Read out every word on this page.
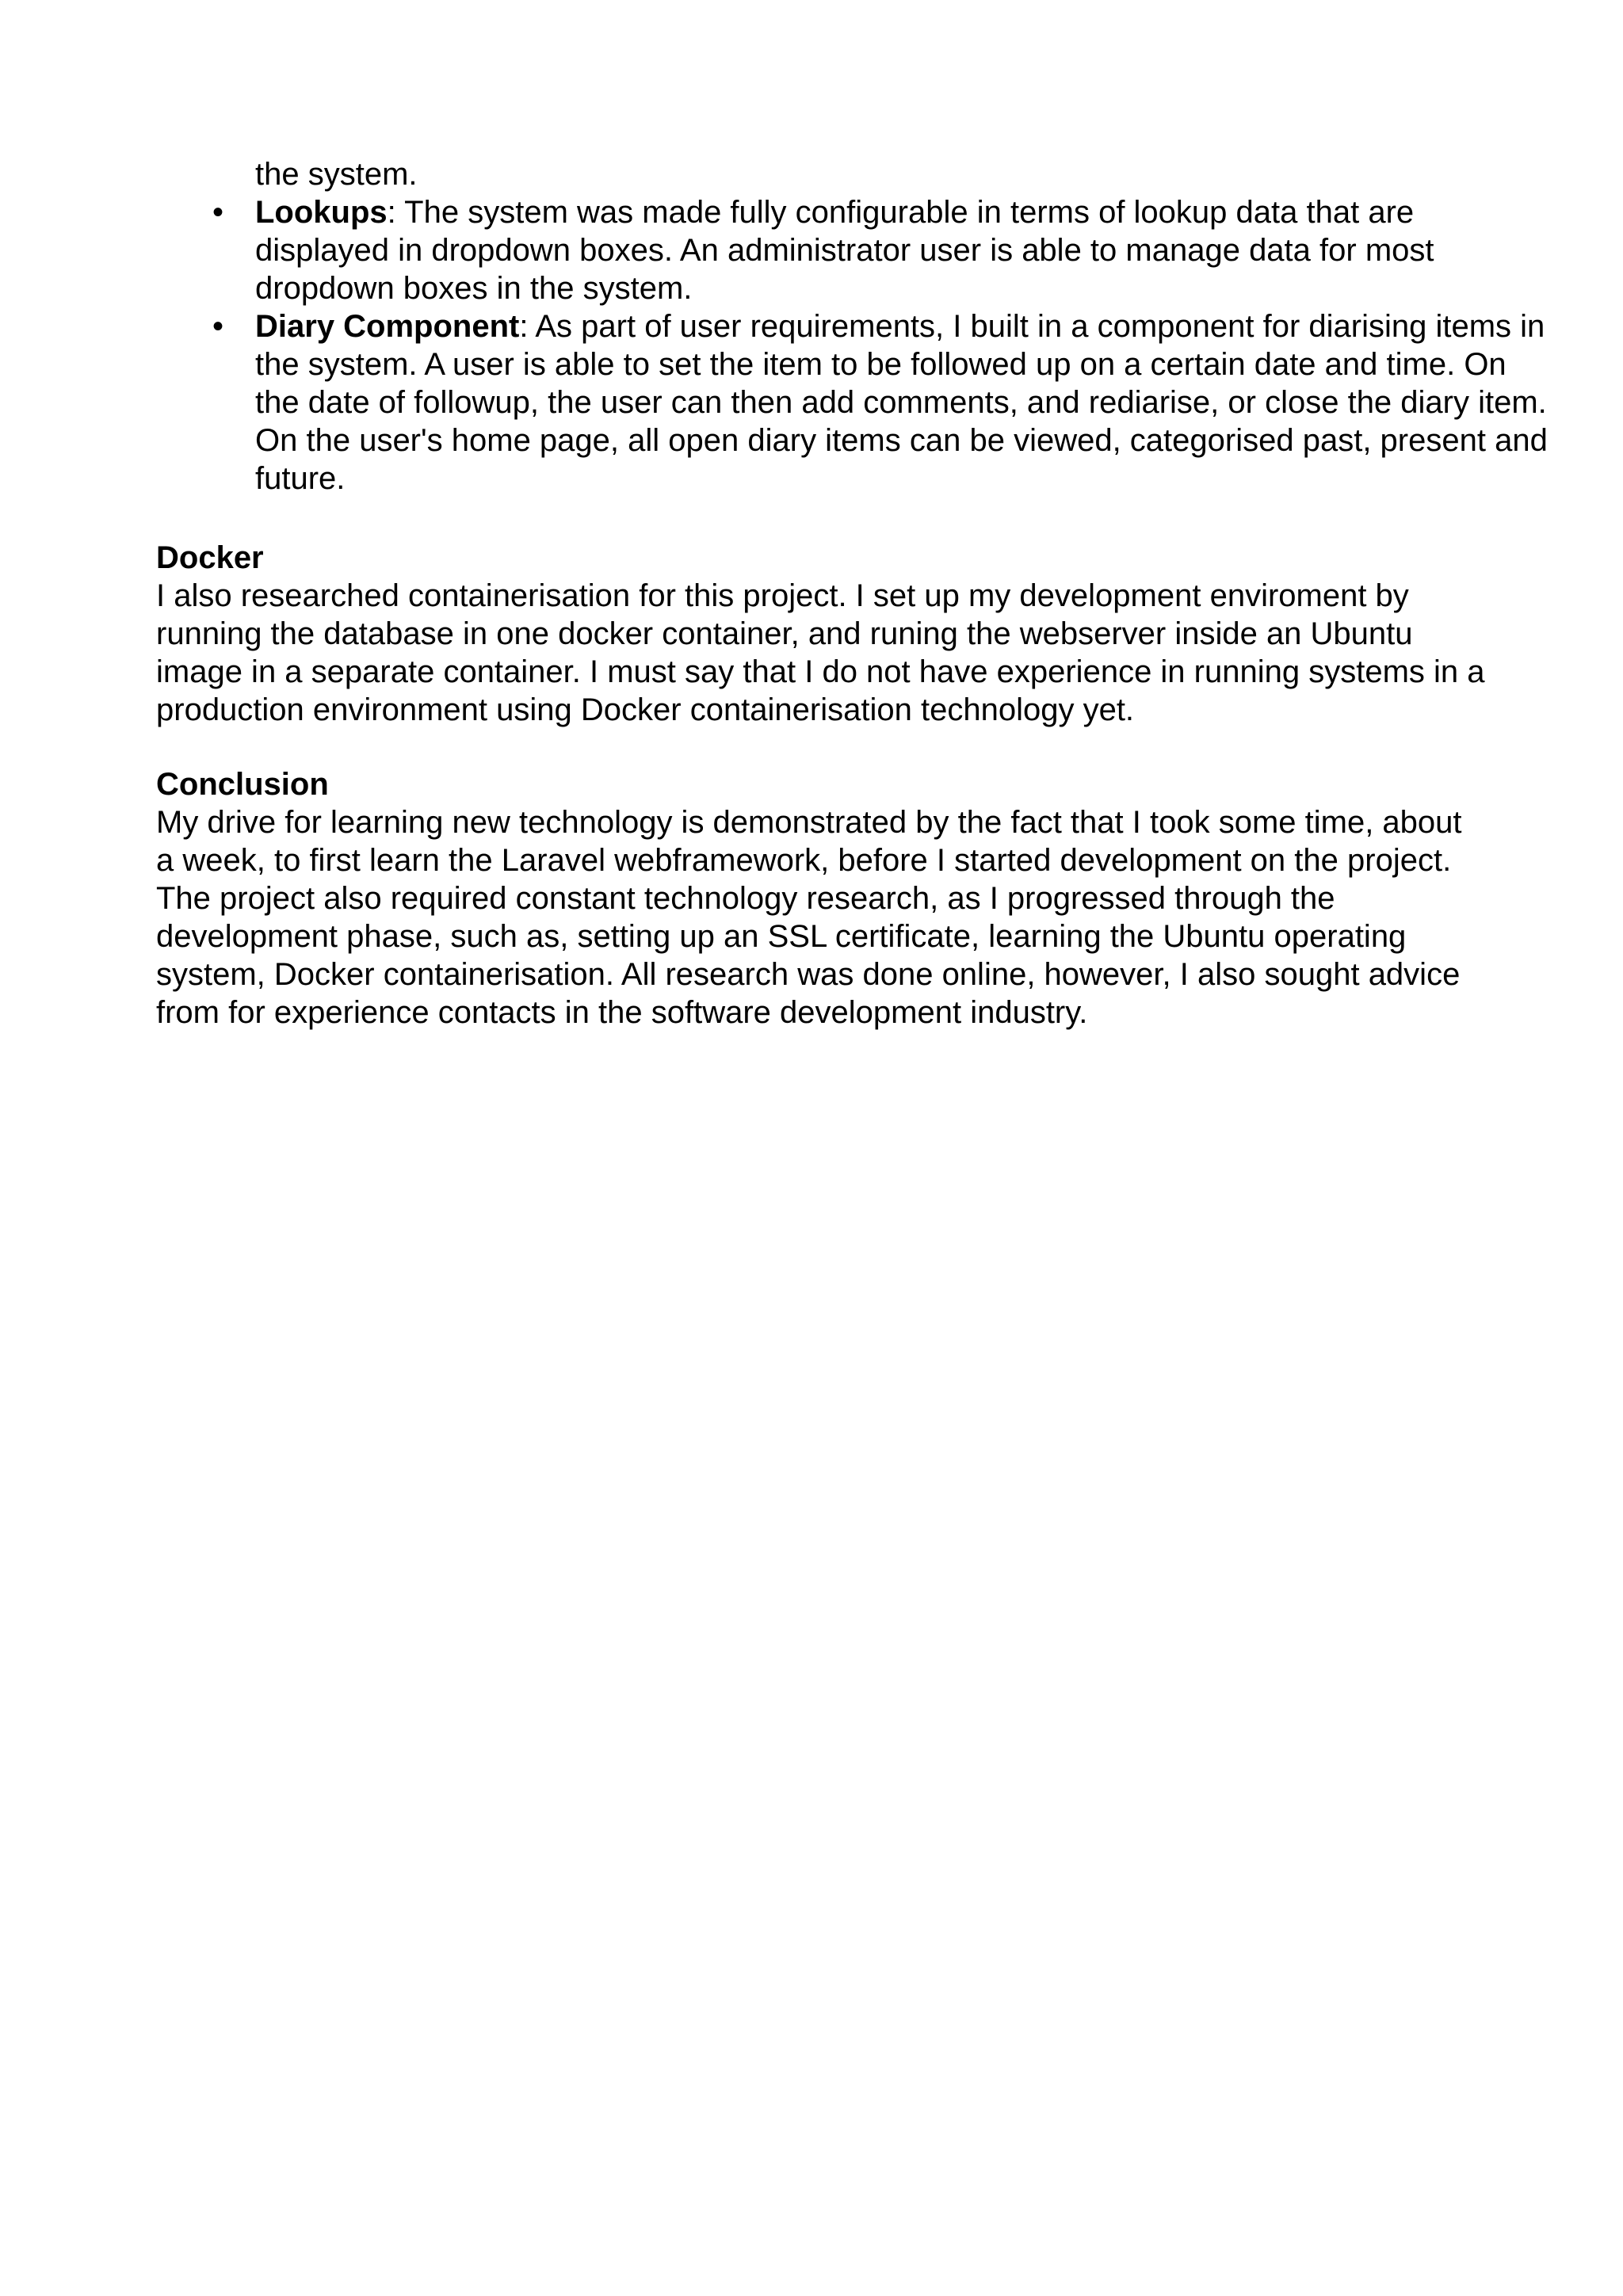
the system.

• Lookups: The system was made fully configurable in terms of lookup data that are displayed in dropdown boxes. An administrator user is able to manage data for most dropdown boxes in the system.
• Diary Component: As part of user requirements, I built in a component for diarising items in the system. A user is able to set the item to be followed up on a certain date and time. On the date of followup, the user can then add comments, and rediarise, or close the diary item. On the user's home page, all open diary items can be viewed, categorised past, present and future.
Docker

I also researched containerisation for this project. I set up my development enviroment by running the database in one docker container, and runing the webserver inside an Ubuntu image in a separate container. I must say that I do not have experience in running systems in a production environment using Docker containerisation technology yet.

Conclusion

My drive for learning new technology is demonstrated by the fact that I took some time, about a week, to first learn the Laravel webframework, before I started development on the project. The project also required constant technology research, as I progressed through the development phase, such as, setting up an SSL certificate, learning the Ubuntu operating system, Docker containerisation. All research was done online, however, I also sought advice from for experience contacts in the software development industry.
